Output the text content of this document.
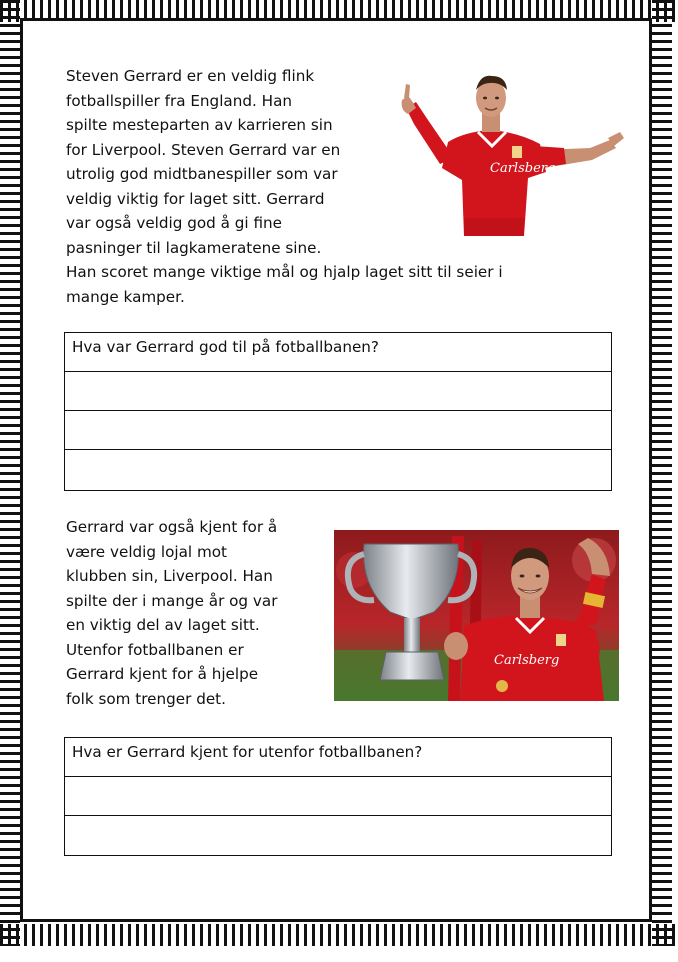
Steven Gerrard er en veldig flink
fotballspiller fra England. Han
spilte mesteparten av karrieren sin
for Liverpool. Steven Gerrard var en
utrolig god midtbanespiller som var
veldig viktig for laget sitt. Gerrard
var også veldig god å gi fine
pasninger til lagkameratene sine.
Han scoret mange viktige mål og hjalp laget sitt til seier i
mange kamper.
Carlsberg
Hva var Gerrard god til på fotballbanen?
Gerrard var også kjent for å
være veldig lojal mot
klubben sin, Liverpool. Han
spilte der i mange år og var
en viktig del av laget sitt.
Utenfor fotballbanen er
Gerrard kjent for å hjelpe
folk som trenger det.
Carlsberg
Hva er Gerrard kjent for utenfor fotballbanen?
